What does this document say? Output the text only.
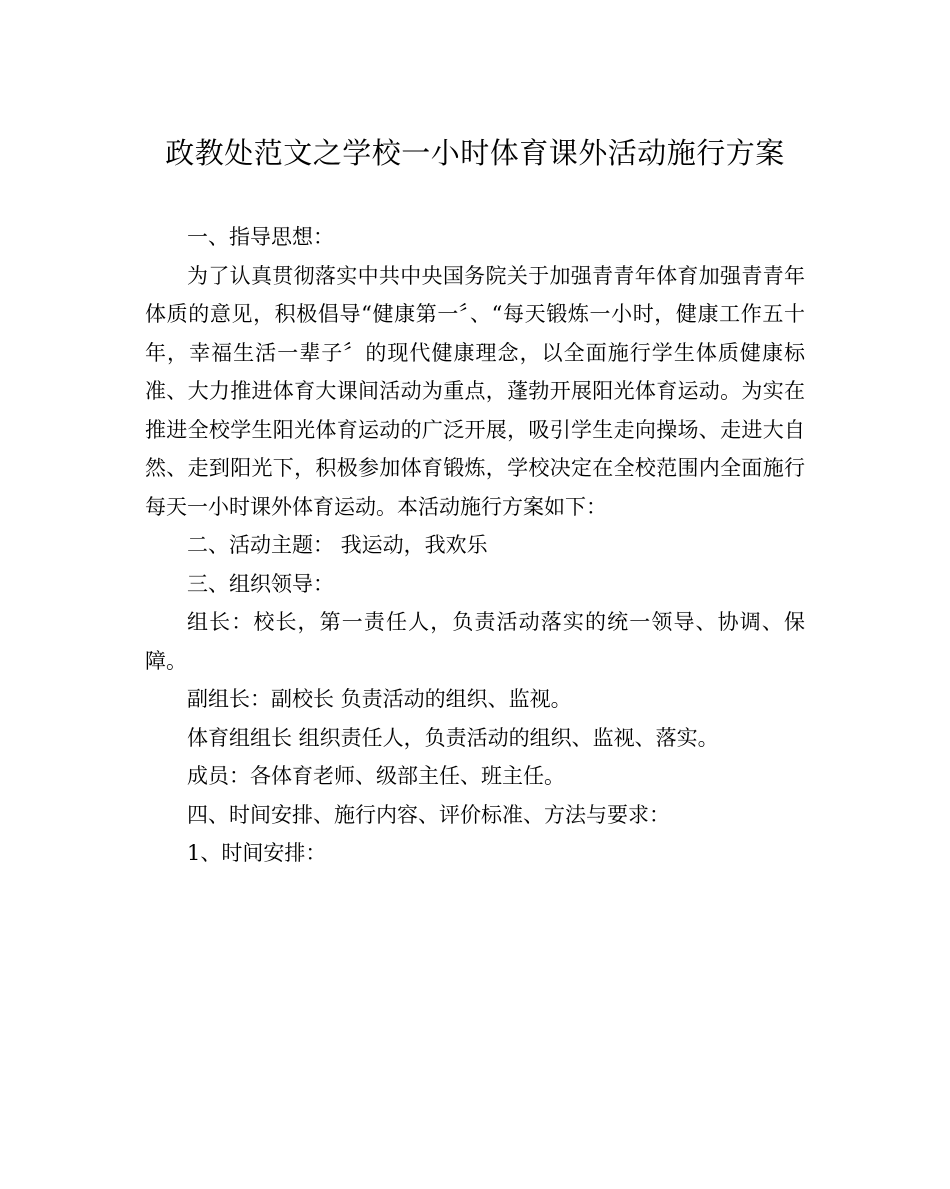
政教处范文之学校一小时体育课外活动施行方案

一、指导思想：

为了认真贯彻落实中共中央国务院关于加强青青年体育加强青青年体质的意见，积极倡导“健康第一〞、“每天锻炼一小时，健康工作五十年，幸福生活一辈子〞的现代健康理念，以全面施行学生体质健康标准、大力推进体育大课间活动为重点，蓬勃开展阳光体育运动。为实在推进全校学生阳光体育运动的广泛开展，吸引学生走向操场、走进大自然、走到阳光下，积极参加体育锻炼，学校决定在全校范围内全面施行每天一小时课外体育运动。本活动施行方案如下：

二、活动主题： 我运动，我欢乐

三、组织领导：

组长：校长，第一责任人，负责活动落实的统一领导、协调、保障。

副组长：副校长 负责活动的组织、监视。

体育组组长 组织责任人，负责活动的组织、监视、落实。

成员：各体育老师、级部主任、班主任。

四、时间安排、施行内容、评价标准、方法与要求：

1、时间安排：
